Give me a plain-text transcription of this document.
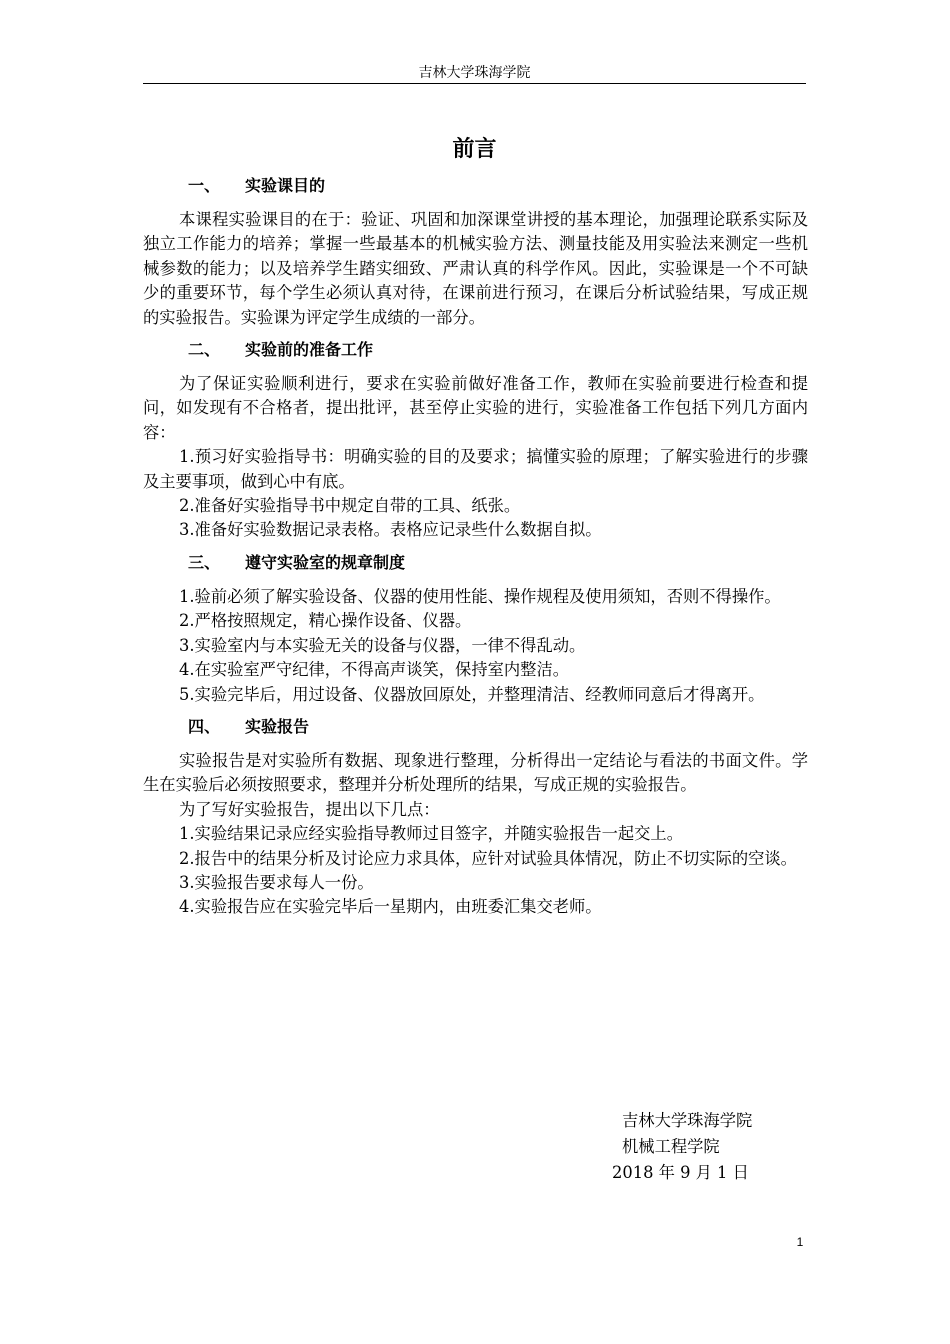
吉林大学珠海学院
前言
一、 实验课目的

本课程实验课目的在于：验证、巩固和加深课堂讲授的基本理论，加强理论联系实际及独立工作能力的培养；掌握一些最基本的机械实验方法、测量技能及用实验法来测定一些机械参数的能力；以及培养学生踏实细致、严肃认真的科学作风。因此，实验课是一个不可缺少的重要环节，每个学生必须认真对待，在课前进行预习，在课后分析试验结果，写成正规的实验报告。实验课为评定学生成绩的一部分。

二、 实验前的准备工作

为了保证实验顺利进行，要求在实验前做好准备工作，教师在实验前要进行检查和提问，如发现有不合格者，提出批评，甚至停止实验的进行，实验准备工作包括下列几方面内容：

1.预习好实验指导书：明确实验的目的及要求；搞懂实验的原理；了解实验进行的步骤及主要事项，做到心中有底。

2.准备好实验指导书中规定自带的工具、纸张。

3.准备好实验数据记录表格。表格应记录些什么数据自拟。

三、 遵守实验室的规章制度

1.验前必须了解实验设备、仪器的使用性能、操作规程及使用须知，否则不得操作。

2.严格按照规定，精心操作设备、仪器。

3.实验室内与本实验无关的设备与仪器，一律不得乱动。

4.在实验室严守纪律，不得高声谈笑，保持室内整洁。

5.实验完毕后，用过设备、仪器放回原处，并整理清洁、经教师同意后才得离开。

四、 实验报告

实验报告是对实验所有数据、现象进行整理，分析得出一定结论与看法的书面文件。学生在实验后必须按照要求，整理并分析处理所的结果，写成正规的实验报告。

为了写好实验报告，提出以下几点：

1.实验结果记录应经实验指导教师过目签字，并随实验报告一起交上。

2.报告中的结果分析及讨论应力求具体，应针对试验具体情况，防止不切实际的空谈。

3.实验报告要求每人一份。

4.实验报告应在实验完毕后一星期内，由班委汇集交老师。

吉林大学珠海学院
机械工程学院
2018 年 9 月 1 日
1
